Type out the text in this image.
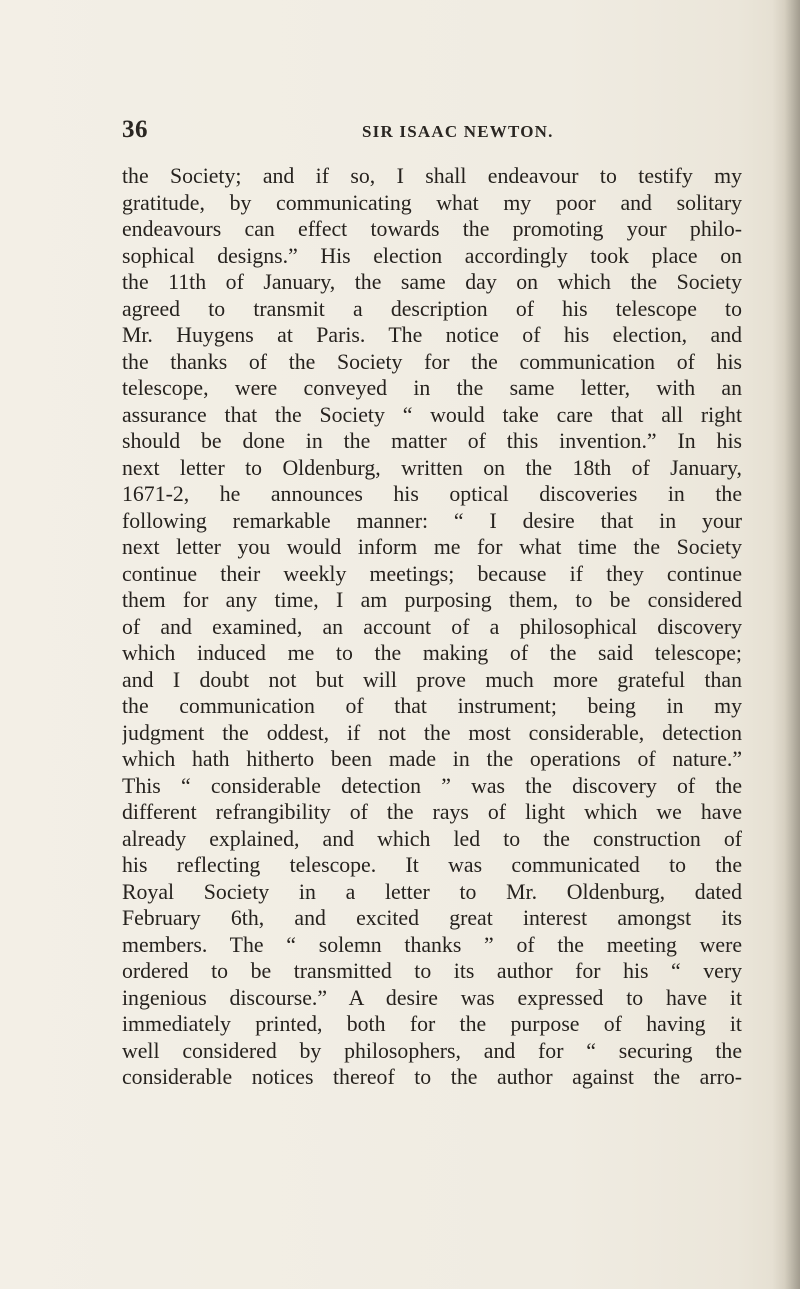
36	SIR ISAAC NEWTON.
the Society; and if so, I shall endeavour to testify my
gratitude, by communicating what my poor and solitary
endeavours can effect towards the promoting your philo-
sophical designs.” His election accordingly took place on
the 11th of January, the same day on which the Society
agreed to transmit a description of his telescope to
Mr. Huygens at Paris. The notice of his election, and
the thanks of the Society for the communication of his
telescope, were conveyed in the same letter, with an
assurance that the Society “ would take care that all right
should be done in the matter of this invention.” In his
next letter to Oldenburg, written on the 18th of January,
1671-2, he announces his optical discoveries in the
following remarkable manner: “ I desire that in your
next letter you would inform me for what time the Society
continue their weekly meetings; because if they continue
them for any time, I am purposing them, to be considered
of and examined, an account of a philosophical discovery
which induced me to the making of the said telescope;
and I doubt not but will prove much more grateful than
the communication of that instrument; being in my
judgment the oddest, if not the most considerable, detection
which hath hitherto been made in the operations of nature.”
This “ considerable detection ” was the discovery of the
different refrangibility of the rays of light which we have
already explained, and which led to the construction of
his reflecting telescope. It was communicated to the
Royal Society in a letter to Mr. Oldenburg, dated
February 6th, and excited great interest amongst its
members. The “ solemn thanks ” of the meeting were
ordered to be transmitted to its author for his “ very
ingenious discourse.” A desire was expressed to have it
immediately printed, both for the purpose of having it
well considered by philosophers, and for “ securing the
considerable notices thereof to the author against the arro-
